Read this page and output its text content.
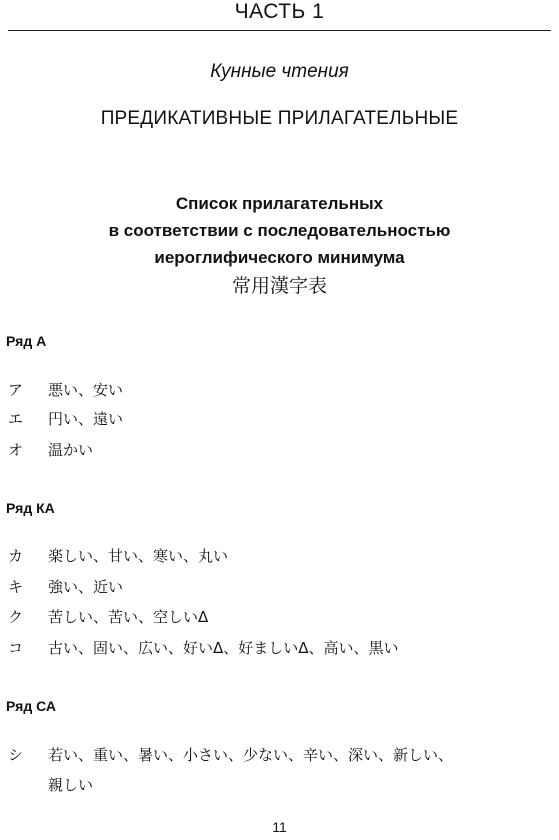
ЧАСТЬ 1
Кунные чтения
ПРЕДИКАТИВНЫЕ ПРИЛАГАТЕЛЬНЫЕ
Список прилагательных
в соответствии с последовательностью
иероглифического минимума
常用漢字表
Ряд А
ア 悪い、安い
エ 円い、遠い
オ 温かい
Ряд КА
カ 楽しい、甘い、寒い、丸い
キ 強い、近い
ク 苦しい、苦い、空しいΔ
コ 古い、固い、広い、好いΔ、好ましいΔ、高い、黒い
Ряд СА
シ 若い、重い、暑い、小さい、少ない、辛い、深い、新しい、
親しい
11
